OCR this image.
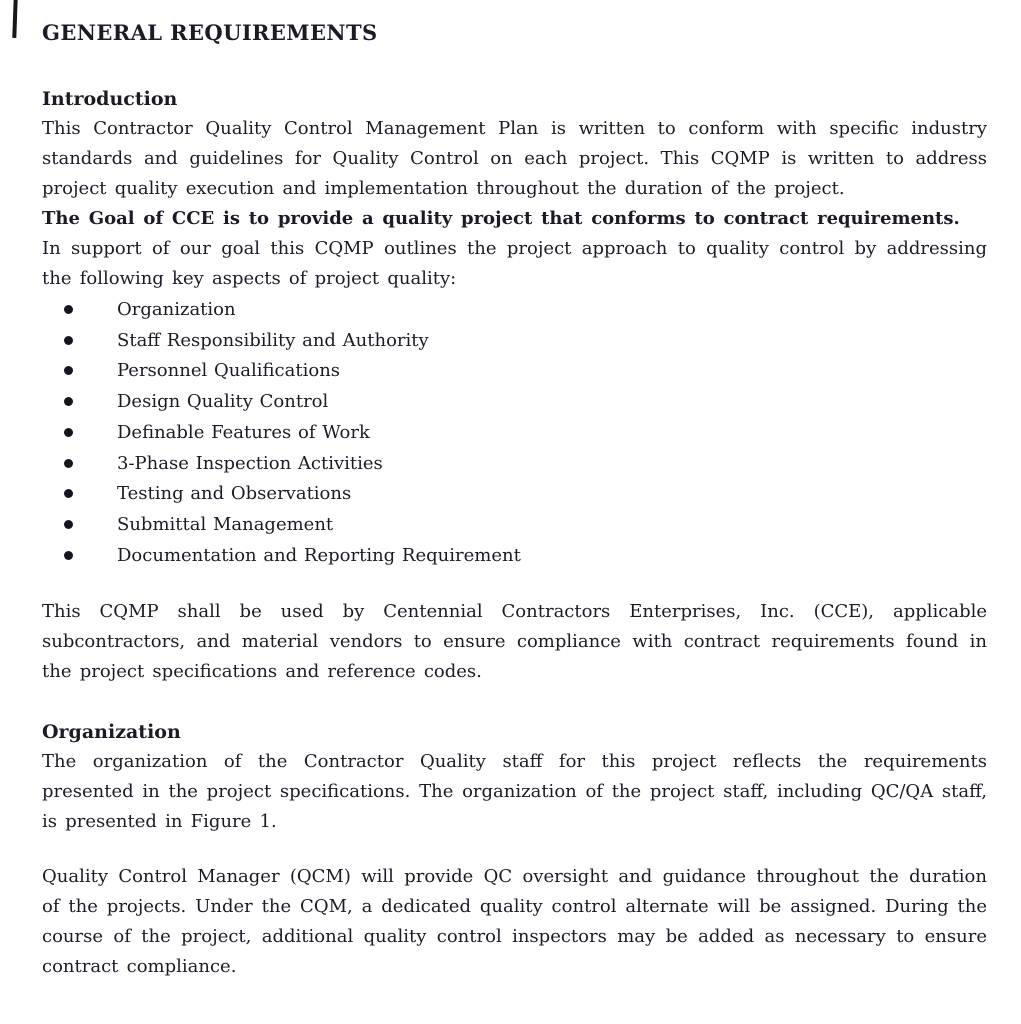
GENERAL REQUIREMENTS
Introduction

This Contractor Quality Control Management Plan is written to conform with specific industry standards and guidelines for Quality Control on each project. This CQMP is written to address project quality execution and implementation throughout the duration of the project.

The Goal of CCE is to provide a quality project that conforms to contract requirements.

In support of our goal this CQMP outlines the project approach to quality control by addressing the following key aspects of project quality:

Organization
Staff Responsibility and Authority
Personnel Qualifications
Design Quality Control
Definable Features of Work
3-Phase Inspection Activities
Testing and Observations
Submittal Management
Documentation and Reporting Requirement

This CQMP shall be used by Centennial Contractors Enterprises, Inc. (CCE), applicable subcontractors, and material vendors to ensure compliance with contract requirements found in the project specifications and reference codes.

Organization

The organization of the Contractor Quality staff for this project reflects the requirements presented in the project specifications. The organization of the project staff, including QC/QA staff, is presented in Figure 1.

Quality Control Manager (QCM) will provide QC oversight and guidance throughout the duration of the projects. Under the CQM, a dedicated quality control alternate will be assigned. During the course of the project, additional quality control inspectors may be added as necessary to ensure contract compliance.
